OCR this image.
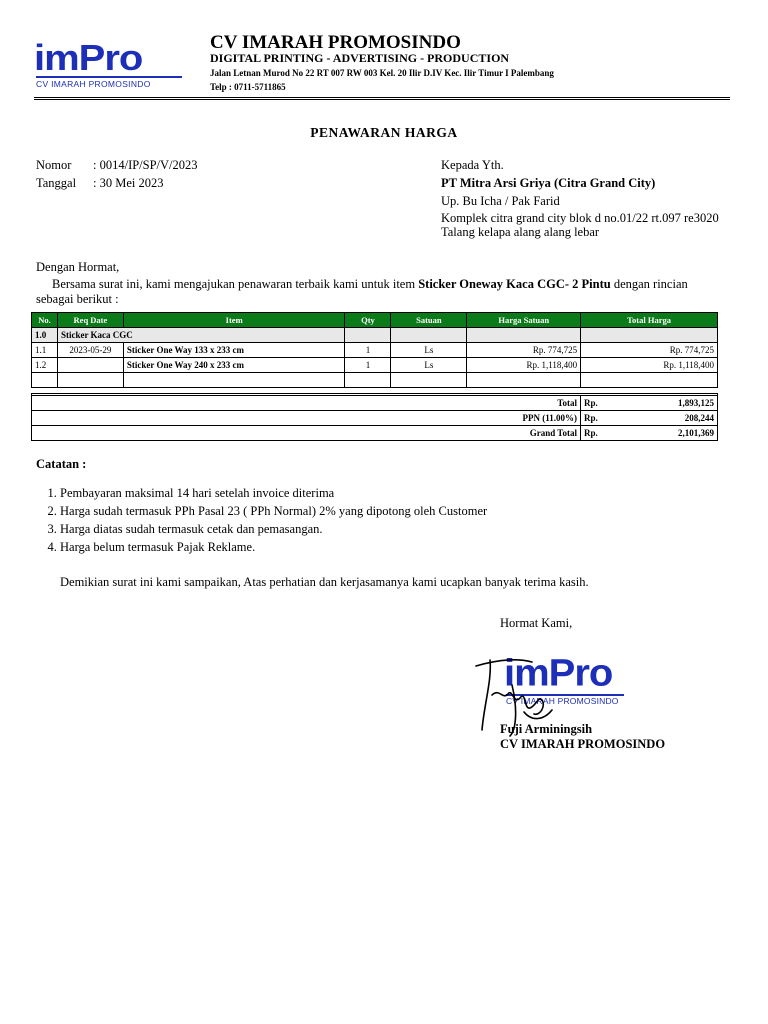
imPro
CV IMARAH PROMOSINDO
CV IMARAH PROMOSINDO
DIGITAL PRINTING - ADVERTISING - PRODUCTION
Jalan Letnan Murod No 22 RT 007 RW 003 Kel. 20 Ilir D.IV Kec. Ilir Timur I Palembang
Telp : 0711-5711865
PENAWARAN HARGA
Nomor : 0014/IP/SP/V/2023
Tanggal : 30 Mei 2023
Kepada Yth.
PT Mitra Arsi Griya (Citra Grand City)
Up. Bu Icha / Pak Farid
Komplek citra grand city blok d no.01/22 rt.097 re3020
Talang kelapa alang alang lebar
Dengan Hormat,
Bersama surat ini, kami mengajukan penawaran terbaik kami untuk item Sticker Oneway Kaca CGC- 2 Pintu dengan rincian
sebagai berikut :
No.	Req Date	Item	Qty	Satuan	Harga Satuan	Total Harga
1.0	Sticker Kaca CGC					
1.1	2023-05-29	Sticker One Way 133 x 233 cm	1	Ls	Rp. 774,725	Rp. 774,725
1.2		Sticker One Way 240 x 233 cm	1	Ls	Rp. 1,118,400	Rp. 1,118,400

Total	Rp.	1,893,125
PPN (11.00%)	Rp.	208,244
Grand Total	Rp.	2,101,369
Catatan :
1. Pembayaran maksimal 14 hari setelah invoice diterima
2. Harga sudah termasuk PPh Pasal 23 ( PPh Normal) 2% yang dipotong oleh Customer
3. Harga diatas sudah termasuk cetak dan pemasangan.
4. Harga belum termasuk Pajak Reklame.
Demikian surat ini kami sampaikan, Atas perhatian dan kerjasamanya kami ucapkan banyak terima kasih.
Hormat Kami,
imPro
CV IMARAH PROMOSINDO
Fuji Arminingsih
CV IMARAH PROMOSINDO
